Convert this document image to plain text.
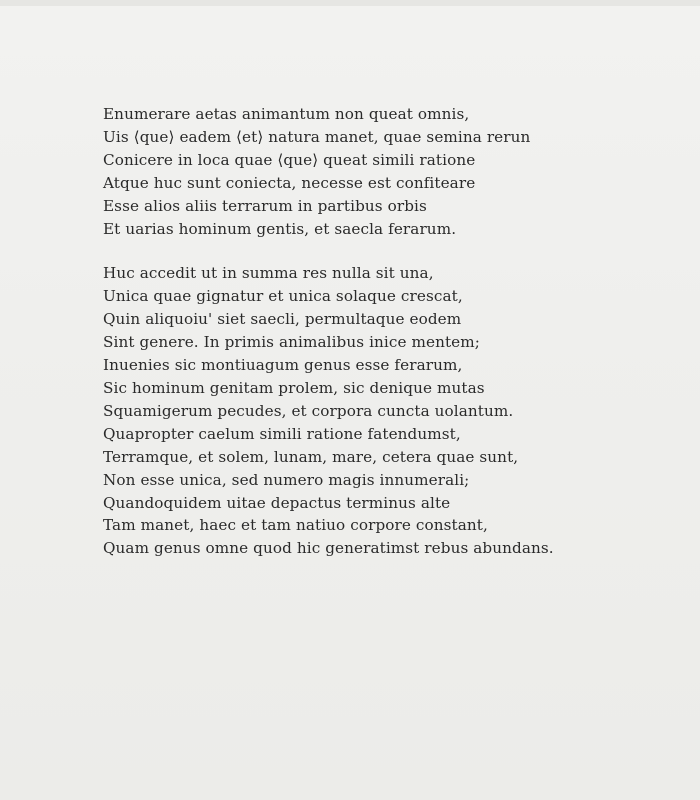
Enumerare aetas animantum non queat omnis,
Uis ⟨que⟩ eadem ⟨et⟩ natura manet, quae semina rerun
Conicere in loca quae ⟨que⟩ queat simili ratione
Atque huc sunt coniecta, necesse est confiteare
Esse alios aliis terrarum in partibus orbis
Et uarias hominum gentis, et saecla ferarum.

Huc accedit ut in summa res nulla sit una,
Unica quae gignatur et unica solaque crescat,
Quin aliquoiu' siet saecli, permultaque eodem
Sint genere. In primis animalibus inice mentem;
Inuenies sic montiuagum genus esse ferarum,
Sic hominum genitam prolem, sic denique mutas
Squamigerum pecudes, et corpora cuncta uolantum.
Quapropter caelum simili ratione fatendumst,
Terramque, et solem, lunam, mare, cetera quae sunt,
Non esse unica, sed numero magis innumerali;
Quandoquidem uitae depactus terminus alte
Tam manet, haec et tam natiuo corpore constant,
Quam genus omne quod hic generatimst rebus abundans.
